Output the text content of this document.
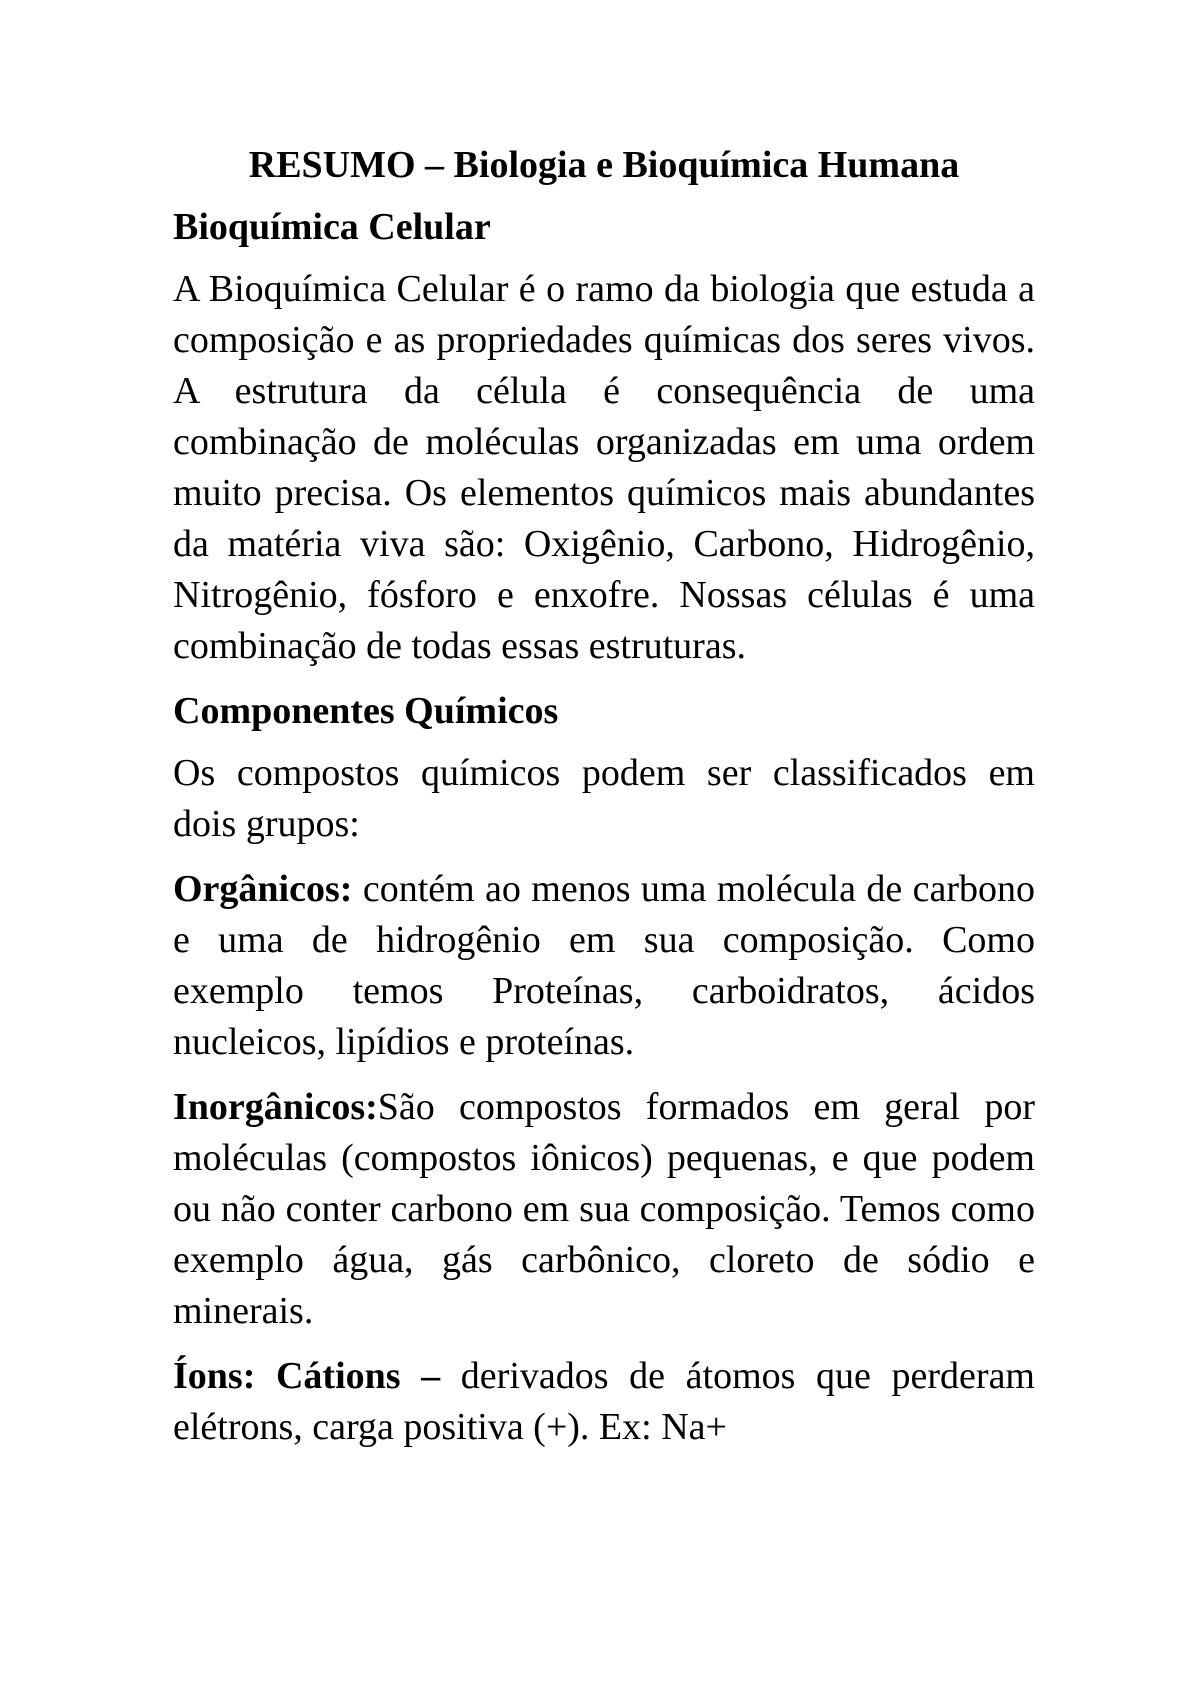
RESUMO – Biologia e Bioquímica Humana
Bioquímica Celular

A Bioquímica Celular é o ramo da biologia que estuda a composição e as propriedades químicas dos seres vivos. A estrutura da célula é consequência de uma combinação de moléculas organizadas em uma ordem muito precisa. Os elementos químicos mais abundantes da matéria viva são: Oxigênio, Carbono, Hidrogênio, Nitrogênio, fósforo e enxofre. Nossas células é uma combinação de todas essas estruturas.

Componentes Químicos

Os compostos químicos podem ser classificados em dois grupos:

Orgânicos: contém ao menos uma molécula de carbono e uma de hidrogênio em sua composição. Como exemplo temos Proteínas, carboidratos, ácidos nucleicos, lipídios e proteínas.

Inorgânicos:São compostos formados em geral por moléculas (compostos iônicos) pequenas, e que podem ou não conter carbono em sua composição. Temos como exemplo água, gás carbônico, cloreto de sódio e minerais.

Íons: Cátions – derivados de átomos que perderam elétrons, carga positiva (+). Ex: Na+
